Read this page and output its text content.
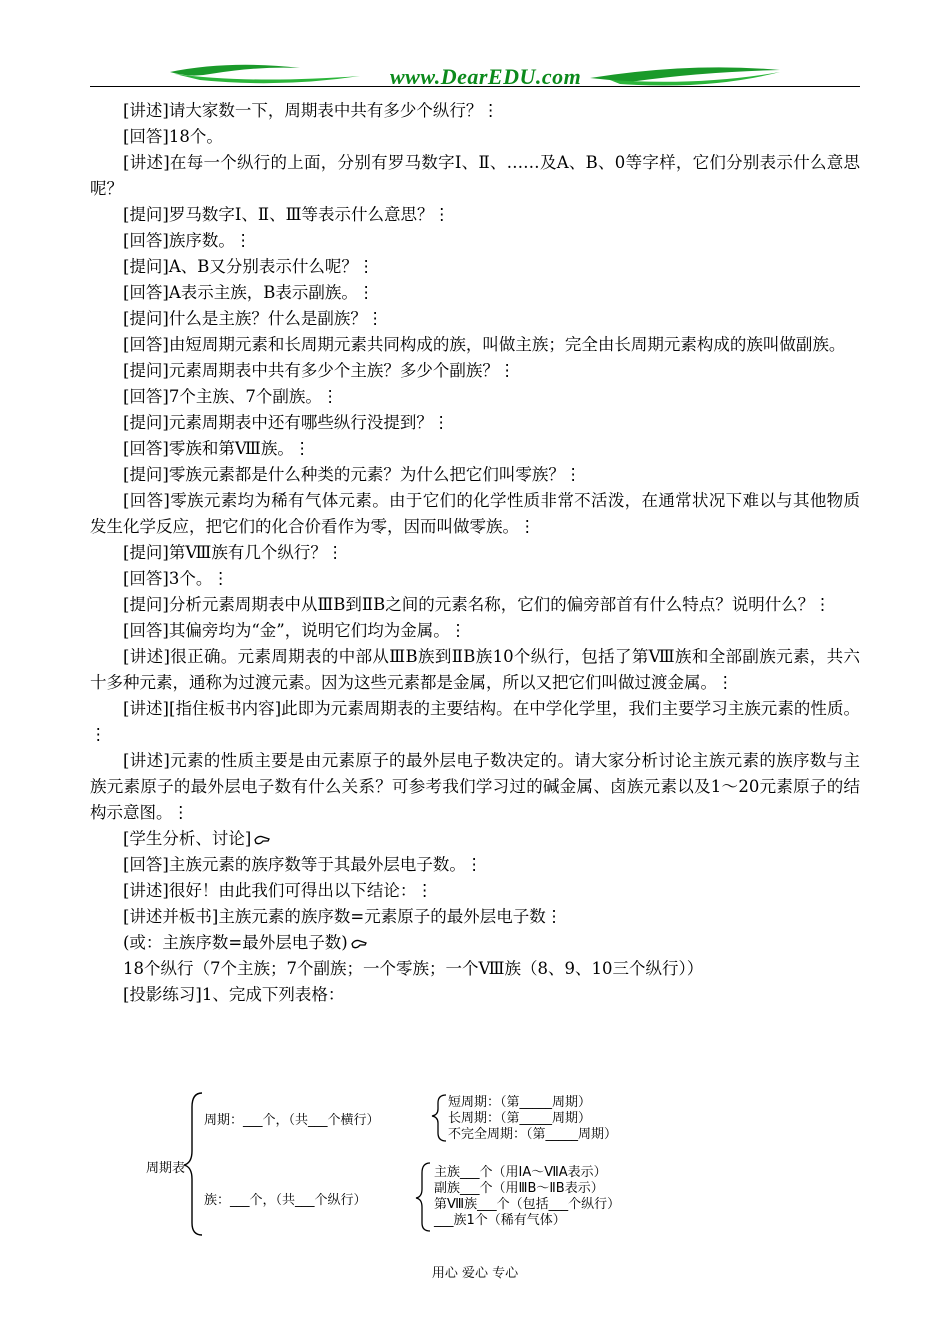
www.DearEDU.com

[讲述]请大家数一下，周期表中共有多少个纵行？⋮

[回答]18个。

[讲述]在每一个纵行的上面，分别有罗马数字Ⅰ、Ⅱ、……及A、B、0等字样，它们分别表示什么意思呢？

[提问]罗马数字Ⅰ、Ⅱ、Ⅲ等表示什么意思？⋮

[回答]族序数。⋮

[提问]A、B又分别表示什么呢？⋮

[回答]A表示主族，B表示副族。⋮

[提问]什么是主族？什么是副族？⋮

[回答]由短周期元素和长周期元素共同构成的族，叫做主族；完全由长周期元素构成的族叫做副族。

[提问]元素周期表中共有多少个主族？多少个副族？⋮

[回答]7个主族、7个副族。⋮

[提问]元素周期表中还有哪些纵行没提到？⋮

[回答]零族和第Ⅷ族。⋮

[提问]零族元素都是什么种类的元素？为什么把它们叫零族？⋮

[回答]零族元素均为稀有气体元素。由于它们的化学性质非常不活泼，在通常状况下难以与其他物质发生化学反应，把它们的化合价看作为零，因而叫做零族。⋮

[提问]第Ⅷ族有几个纵行？⋮

[回答]3个。⋮

[提问]分析元素周期表中从ⅢB到ⅡB之间的元素名称，它们的偏旁部首有什么特点？说明什么？⋮

[回答]其偏旁均为“金”，说明它们均为金属。⋮

[讲述]很正确。元素周期表的中部从ⅢB族到ⅡB族10个纵行，包括了第Ⅷ族和全部副族元素，共六十多种元素，通称为过渡元素。因为这些元素都是金属，所以又把它们叫做过渡金属。⋮

[讲述][指住板书内容]此即为元素周期表的主要结构。在中学化学里，我们主要学习主族元素的性质。⋮

[讲述]元素的性质主要是由元素原子的最外层电子数决定的。请大家分析讨论主族元素的族序数与主族元素原子的最外层电子数有什么关系？可参考我们学习过的碱金属、卤族元素以及1～20元素原子的结构示意图。⋮

[学生分析、讨论]

[回答]主族元素的族序数等于其最外层电子数。⋮

[讲述]很好！由此我们可得出以下结论：⋮

[讲述并板书]主族元素的族序数=元素原子的最外层电子数⋮

(或：主族序数=最外层电子数)

18个纵行（7个主族；7个副族；一个零族；一个Ⅷ族（8、9、10三个纵行））

[投影练习]1、完成下列表格：

周期表
周期：___个，（共___个横行）
短周期：（第_____周期）
长周期：（第_____周期）
不完全周期：（第_____周期）
族：___个，（共___个纵行）
主族___个（用ⅠA～ⅦA表示）
副族___个（用ⅢB～ⅡB表示）
第Ⅷ族___个（包括___个纵行）
___族1个（稀有气体）
用心 爱心 专心
